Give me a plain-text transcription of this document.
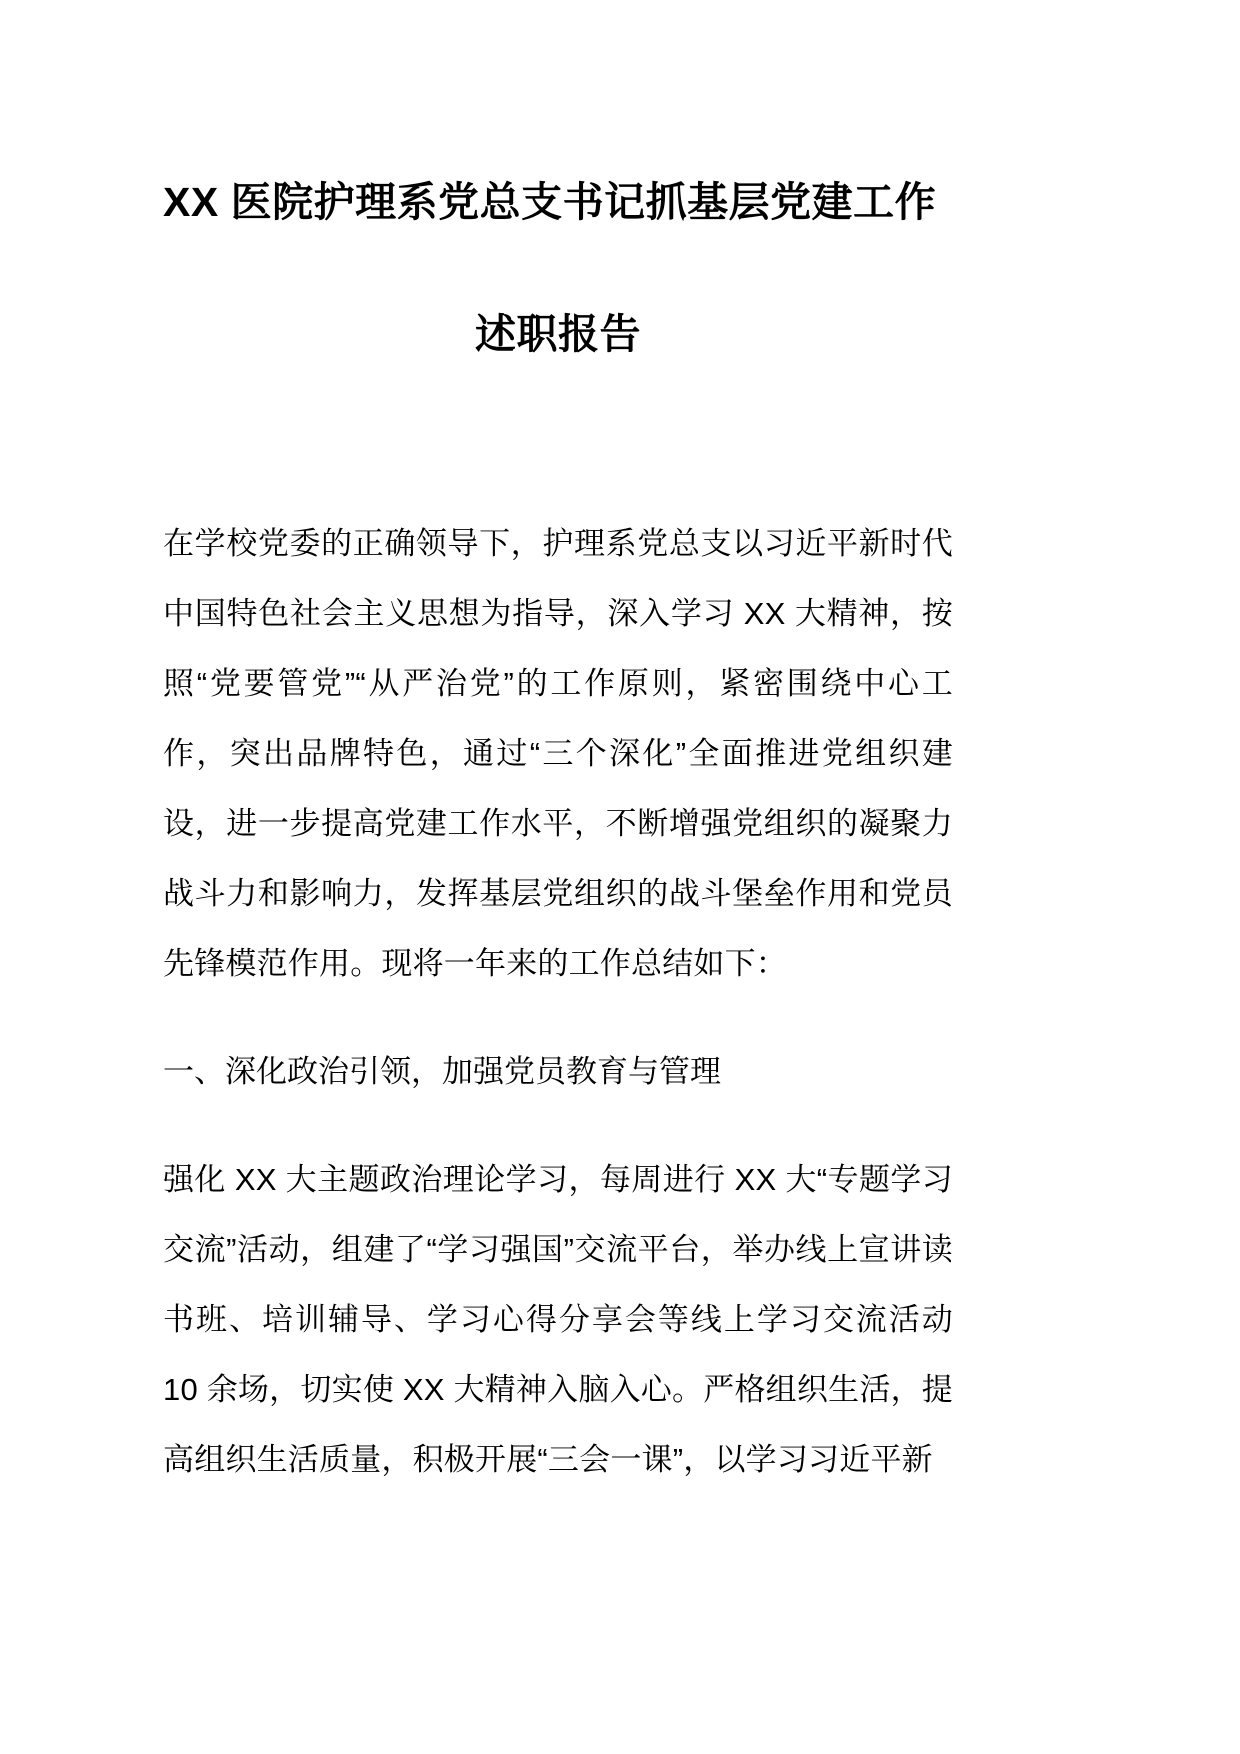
XX 医院护理系党总支书记抓基层党建工作
述职报告

在学校党委的正确领导下，护理系党总支以习近平新时代中国特色社会主义思想为指导，深入学习 XX 大精神，按照“党要管党”“从严治党”的工作原则，紧密围绕中心工作，突出品牌特色，通过“三个深化”全面推进党组织建设，进一步提高党建工作水平，不断增强党组织的凝聚力战斗力和影响力，发挥基层党组织的战斗堡垒作用和党员先锋模范作用。现将一年来的工作总结如下：

一、深化政治引领，加强党员教育与管理

强化 XX 大主题政治理论学习，每周进行 XX 大“专题学习交流”活动，组建了“学习强国”交流平台，举办线上宣讲读书班、培训辅导、学习心得分享会等线上学习交流活动 10 余场，切实使 XX 大精神入脑入心。严格组织生活，提高组织生活质量，积极开展“三会一课”，以学习习近平新
